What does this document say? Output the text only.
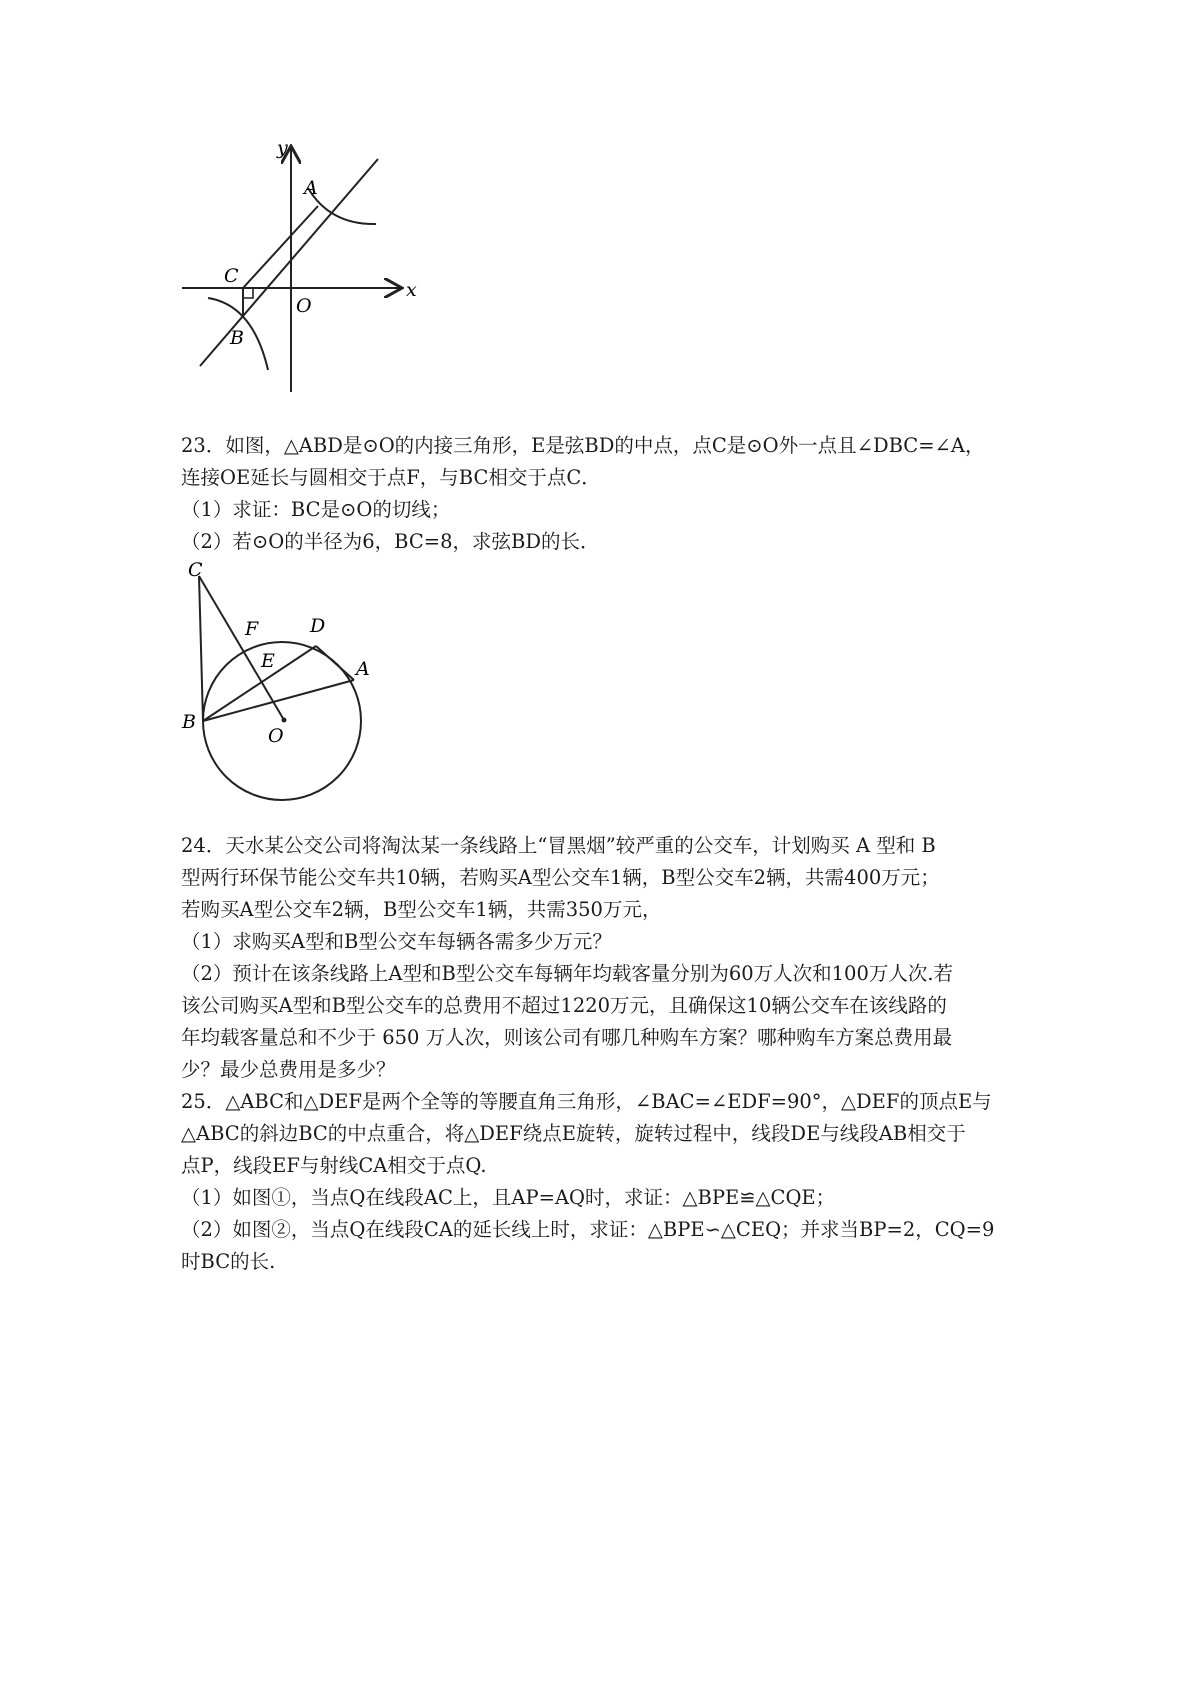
y
x
A
C
O
B
23．如图，△ABD是⊙O的内接三角形，E是弦BD的中点，点C是⊙O外一点且∠DBC=∠A，
连接OE延长与圆相交于点F，与BC相交于点C．
（1）求证：BC是⊙O的切线；
（2）若⊙O的半径为6，BC=8，求弦BD的长．
C
F	D
E	A
B
O
24．天水某公交公司将淘汰某一条线路上“冒黑烟”较严重的公交车，计划购买 A 型和 B
型两行环保节能公交车共10辆，若购买A型公交车1辆，B型公交车2辆，共需400万元；
若购买A型公交车2辆，B型公交车1辆，共需350万元，
（1）求购买A型和B型公交车每辆各需多少万元？
（2）预计在该条线路上A型和B型公交车每辆年均载客量分别为60万人次和100万人次.若
该公司购买A型和B型公交车的总费用不超过1220万元，且确保这10辆公交车在该线路的
年均载客量总和不少于 650 万人次，则该公司有哪几种购车方案？哪种购车方案总费用最
少？最少总费用是多少？
25．△ABC和△DEF是两个全等的等腰直角三角形，∠BAC=∠EDF=90°，△DEF的顶点E与
△ABC的斜边BC的中点重合，将△DEF绕点E旋转，旋转过程中，线段DE与线段AB相交于
点P，线段EF与射线CA相交于点Q.
（1）如图①，当点Q在线段AC上，且AP=AQ时，求证：△BPE≌△CQE；
（2）如图②，当点Q在线段CA的延长线上时，求证：△BPE∽△CEQ；并求当BP=2，CQ=9
时BC的长.
